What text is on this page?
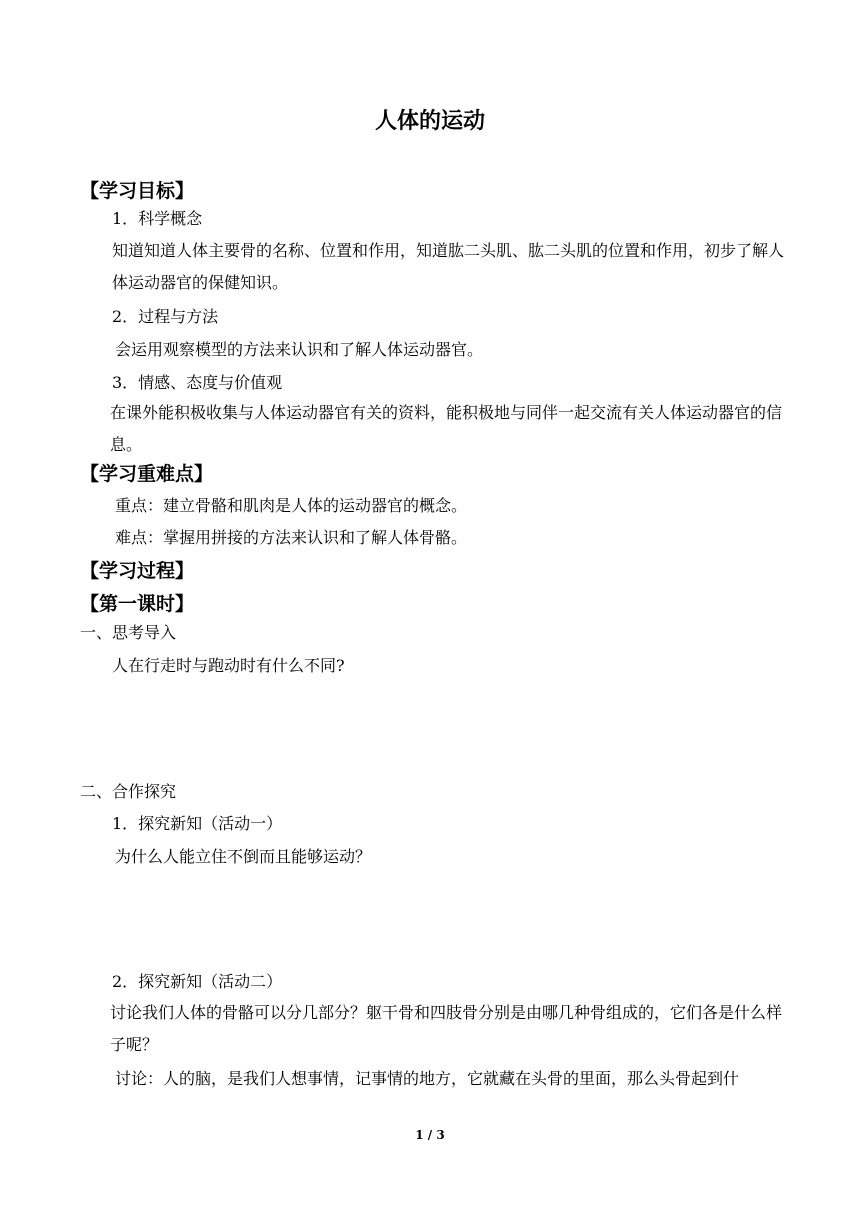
人体的运动
【学习目标】
1．科学概念
知道知道人体主要骨的名称、位置和作用，知道肱二头肌、肱二头肌的位置和作用，初步了解人体运动器官的保健知识。
2．过程与方法
会运用观察模型的方法来认识和了解人体运动器官。
3．情感、态度与价值观
在课外能积极收集与人体运动器官有关的资料，能积极地与同伴一起交流有关人体运动器官的信息。
【学习重难点】
重点：建立骨骼和肌肉是人体的运动器官的概念。
难点：掌握用拼接的方法来认识和了解人体骨骼。
【学习过程】
【第一课时】
一、思考导入
人在行走时与跑动时有什么不同?
二、合作探究
1．探究新知（活动一）
为什么人能立住不倒而且能够运动？
2．探究新知（活动二）
讨论我们人体的骨骼可以分几部分？躯干骨和四肢骨分别是由哪几种骨组成的，它们各是什么样子呢？
讨论：人的脑，是我们人想事情，记事情的地方，它就藏在头骨的里面，那么头骨起到什
1 / 3
